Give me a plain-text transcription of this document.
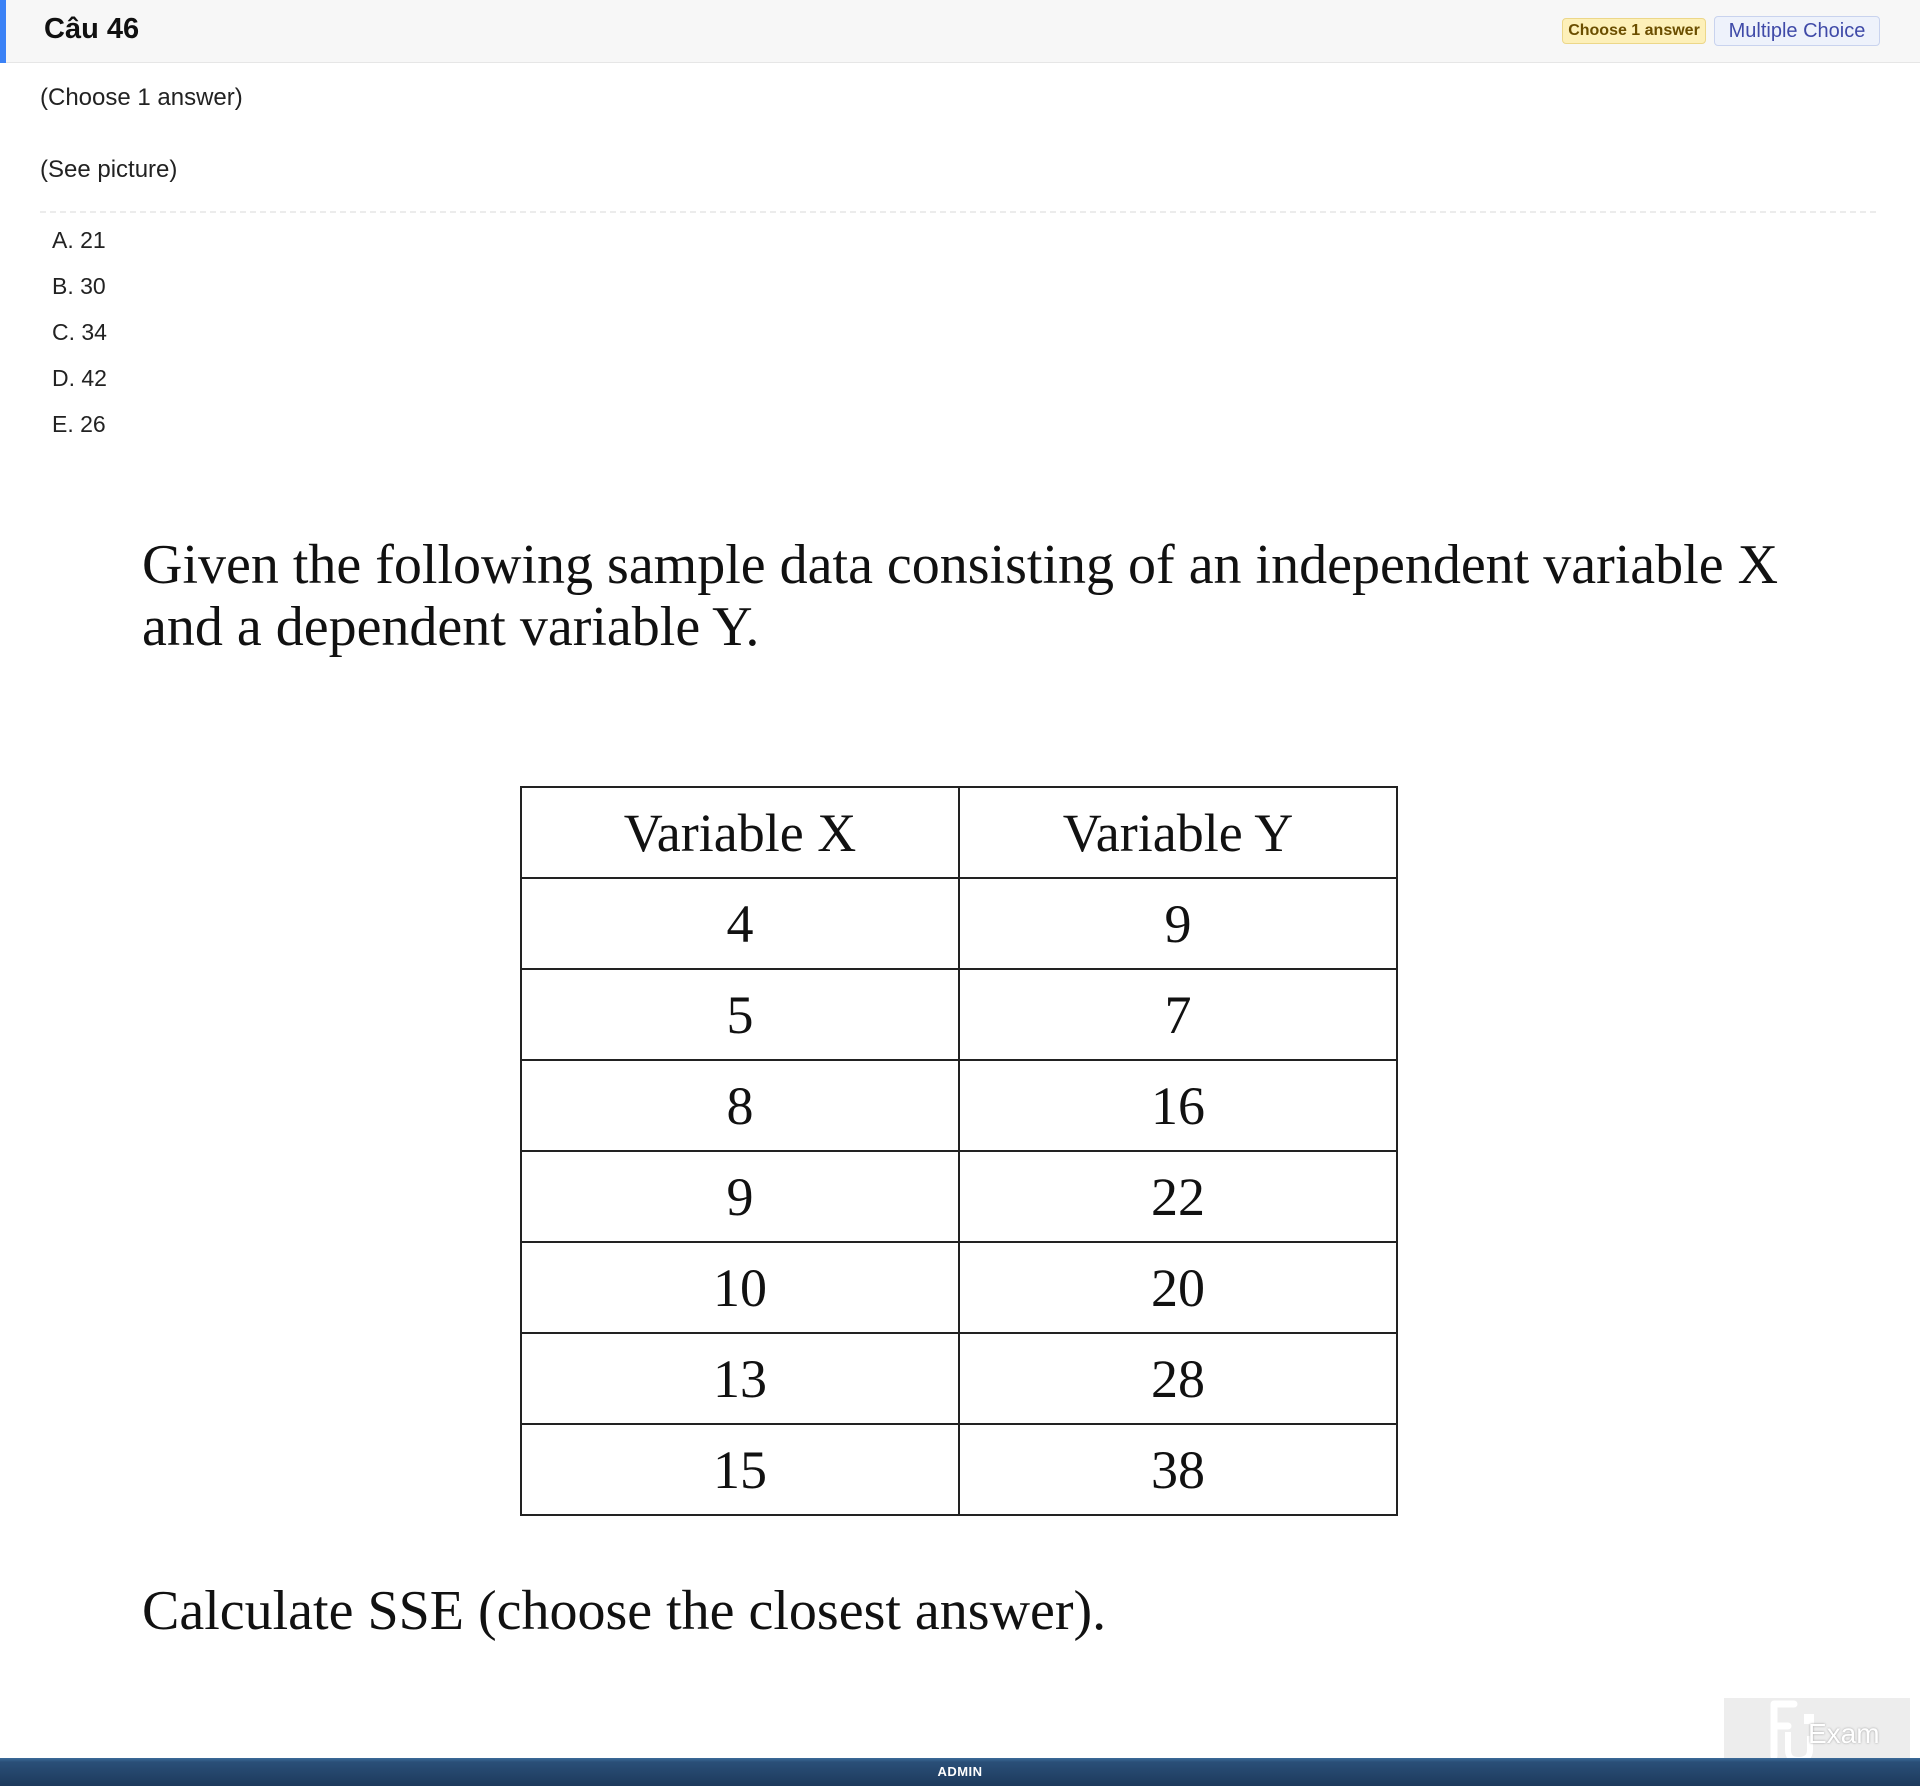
Câu 46	Choose 1 answer	Multiple Choice
(Choose 1 answer)
(See picture)
A. 21
B. 30
C. 34
D. 42
E. 26
Given the following sample data consisting of an independent variable X
and a dependent variable Y.
Variable X	Variable Y
4	9
5	7
8	16
9	22
10	20
13	28
15	38
Calculate SSE (choose the closest answer).
Exam
ADMIN
